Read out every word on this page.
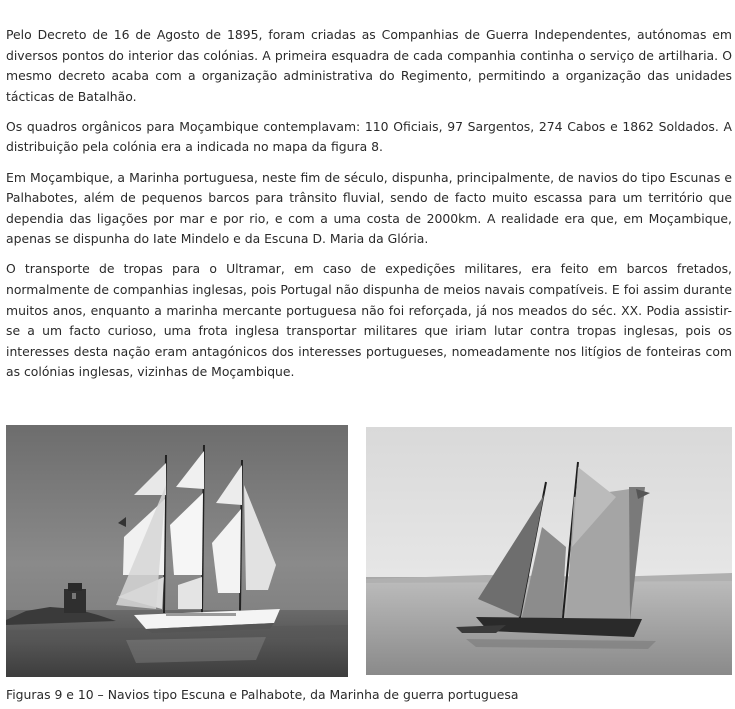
Pelo Decreto de 16 de Agosto de 1895, foram criadas as Companhias de Guerra Independentes, autónomas em diversos pontos do interior das colónias. A primeira esquadra de cada companhia continha o serviço de artilharia. O mesmo decreto acaba com a organização administrativa do Regimento, permitindo a organização das unidades tácticas de Batalhão.

Os quadros orgânicos para Moçambique contemplavam: 110 Oficiais, 97 Sargentos, 274 Cabos e 1862 Soldados. A distribuição pela colónia era a indicada no mapa da figura 8.

Em Moçambique, a Marinha portuguesa, neste fim de século, dispunha, principalmente, de navios do tipo Escunas e Palhabotes, além de pequenos barcos para trânsito fluvial, sendo de facto muito escassa para um território que dependia das ligações por mar e por rio, e com a uma costa de 2000km. A realidade era que, em Moçambique, apenas se dispunha do Iate Mindelo e da Escuna D. Maria da Glória.

O transporte de tropas para o Ultramar, em caso de expedições militares, era feito em barcos fretados, normalmente de companhias inglesas, pois Portugal não dispunha de meios navais compatíveis. E foi assim durante muitos anos, enquanto a marinha mercante portuguesa não foi reforçada, já nos meados do séc. XX. Podia assistir-se a um facto curioso, uma frota inglesa transportar militares que iriam lutar contra tropas inglesas, pois os interesses desta nação eram antagónicos dos interesses portugueses, nomeadamente nos litígios de fonteiras com as colónias inglesas, vizinhas de Moçambique.

Figuras 9 e 10 – Navios tipo Escuna e Palhabote, da Marinha de guerra portuguesa
